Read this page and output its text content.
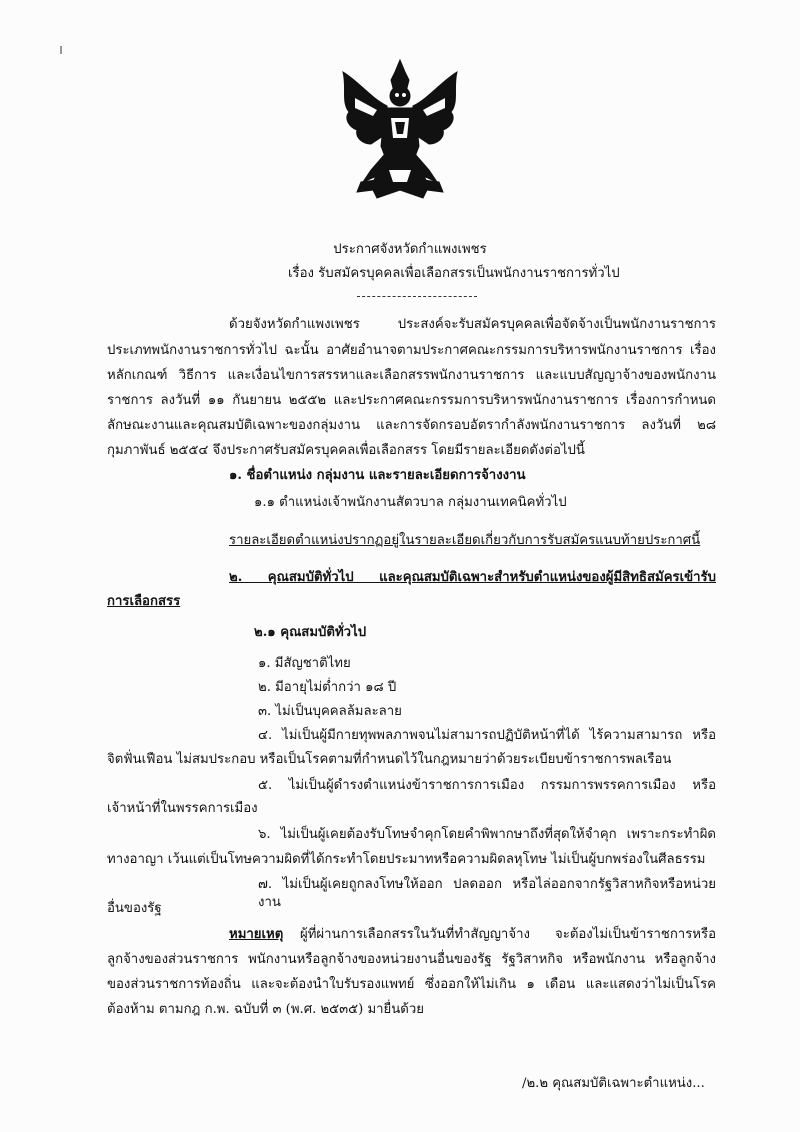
ประกาศจังหวัดกำแพงเพชร
เรื่อง รับสมัครบุคคลเพื่อเลือกสรรเป็นพนักงานราชการทั่วไป
ด้วยจังหวัดกำแพงเพชร ประสงค์จะรับสมัครบุคคลเพื่อจัดจ้างเป็นพนักงานราชการ
ประเภทพนักงานราชการทั่วไป ฉะนั้น อาศัยอำนาจตามประกาศคณะกรรมการบริหารพนักงานราชการ เรื่อง
หลักเกณฑ์ วิธีการ และเงื่อนไขการสรรหาและเลือกสรรพนักงานราชการ และแบบสัญญาจ้างของพนักงาน
ราชการ ลงวันที่ ๑๑ กันยายน ๒๕๕๒ และประกาศคณะกรรมการบริหารพนักงานราชการ เรื่องการกำหนด
ลักษณะงานและคุณสมบัติเฉพาะของกลุ่มงาน และการจัดกรอบอัตรากำลังพนักงานราชการ ลงวันที่ ๒๘
กุมภาพันธ์ ๒๕๕๔ จึงประกาศรับสมัครบุคคลเพื่อเลือกสรร โดยมีรายละเอียดดังต่อไปนี้
๑. ชื่อตำแหน่ง กลุ่มงาน และรายละเอียดการจ้างงาน
๑.๑ ตำแหน่งเจ้าพนักงานสัตวบาล กลุ่มงานเทคนิคทั่วไป
รายละเอียดตำแหน่งปรากฏอยู่ในรายละเอียดเกี่ยวกับการรับสมัครแนบท้ายประกาศนี้
๒. คุณสมบัติทั่วไป และคุณสมบัติเฉพาะสำหรับตำแหน่งของผู้มีสิทธิสมัครเข้ารับ
การเลือกสรร
๒.๑ คุณสมบัติทั่วไป
๑. มีสัญชาติไทย
๒. มีอายุไม่ต่ำกว่า ๑๘ ปี
๓. ไม่เป็นบุคคลล้มละลาย
๔. ไม่เป็นผู้มีกายทุพพลภาพจนไม่สามารถปฏิบัติหน้าที่ได้ ไร้ความสามารถ หรือ
จิตฟั่นเฟือน ไม่สมประกอบ หรือเป็นโรคตามที่กำหนดไว้ในกฎหมายว่าด้วยระเบียบข้าราชการพลเรือน
๕. ไม่เป็นผู้ดำรงตำแหน่งข้าราชการการเมือง กรรมการพรรคการเมือง หรือ
เจ้าหน้าที่ในพรรคการเมือง
๖. ไม่เป็นผู้เคยต้องรับโทษจำคุกโดยคำพิพากษาถึงที่สุดให้จำคุก เพราะกระทำผิด
ทางอาญา เว้นแต่เป็นโทษความผิดที่ได้กระทำโดยประมาทหรือความผิดลหุโทษ ไม่เป็นผู้บกพร่องในศีลธรรม
๗. ไม่เป็นผู้เคยถูกลงโทษให้ออก ปลดออก หรือไล่ออกจากรัฐวิสาหกิจหรือหน่วยงาน
อื่นของรัฐ
หมายเหตุ ผู้ที่ผ่านการเลือกสรรในวันที่ทำสัญญาจ้าง จะต้องไม่เป็นข้าราชการหรือ
ลูกจ้างของส่วนราชการ พนักงานหรือลูกจ้างของหน่วยงานอื่นของรัฐ รัฐวิสาหกิจ หรือพนักงาน หรือลูกจ้าง
ของส่วนราชการท้องถิ่น และจะต้องนำใบรับรองแพทย์ ซึ่งออกให้ไม่เกิน ๑ เดือน และแสดงว่าไม่เป็นโรค
ต้องห้าม ตามกฎ ก.พ. ฉบับที่ ๓ (พ.ศ. ๒๕๓๕) มายื่นด้วย
/๒.๒ คุณสมบัติเฉพาะตำแหน่ง...
